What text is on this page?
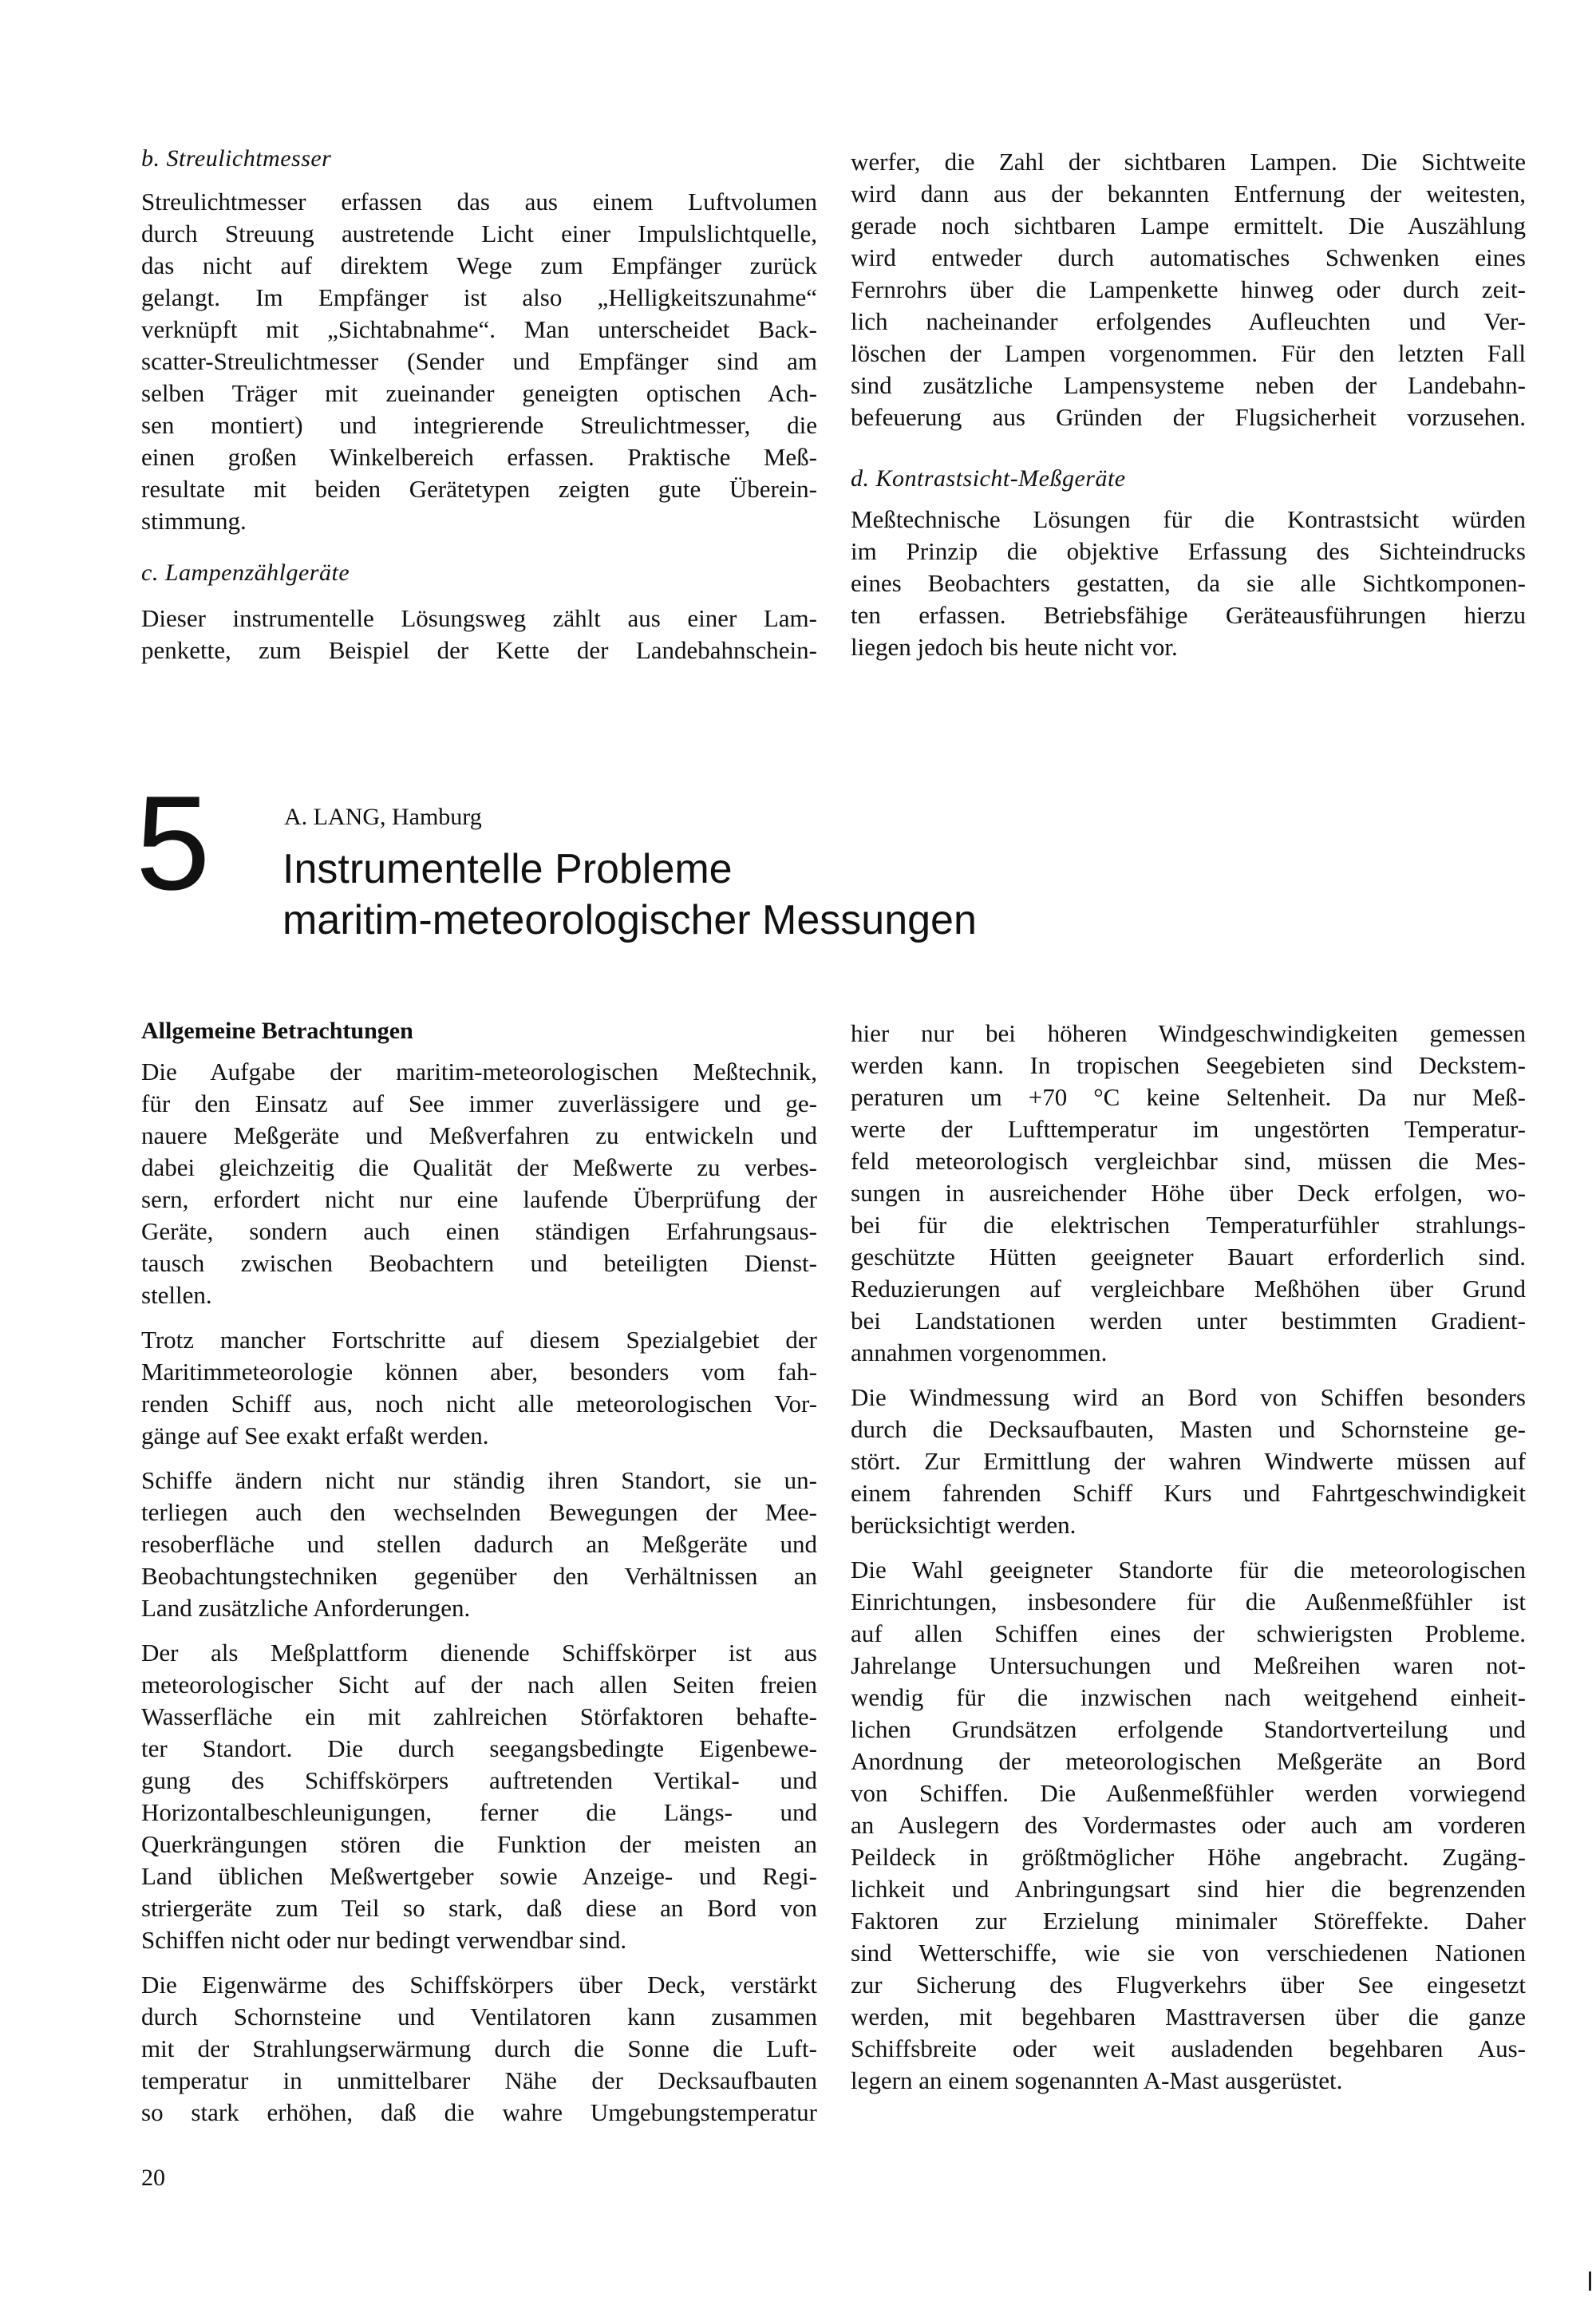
b. Streulichtmesser
Streulichtmesser erfassen das aus einem Luftvolumen
durch Streuung austretende Licht einer Impulslichtquelle,
das nicht auf direktem Wege zum Empfänger zurück
gelangt. Im Empfänger ist also „Helligkeitszunahme“
verknüpft mit „Sichtabnahme“. Man unterscheidet Back-
scatter-Streulichtmesser (Sender und Empfänger sind am
selben Träger mit zueinander geneigten optischen Ach-
sen montiert) und integrierende Streulichtmesser, die
einen großen Winkelbereich erfassen. Praktische Meß-
resultate mit beiden Gerätetypen zeigten gute Überein-
stimmung.
c. Lampenzählgeräte
Dieser instrumentelle Lösungsweg zählt aus einer Lam-
penkette, zum Beispiel der Kette der Landebahnschein-
werfer, die Zahl der sichtbaren Lampen. Die Sichtweite
wird dann aus der bekannten Entfernung der weitesten,
gerade noch sichtbaren Lampe ermittelt. Die Auszählung
wird entweder durch automatisches Schwenken eines
Fernrohrs über die Lampenkette hinweg oder durch zeit-
lich nacheinander erfolgendes Aufleuchten und Ver-
löschen der Lampen vorgenommen. Für den letzten Fall
sind zusätzliche Lampensysteme neben der Landebahn-
befeuerung aus Gründen der Flugsicherheit vorzusehen.
d. Kontrastsicht-Meßgeräte
Meßtechnische Lösungen für die Kontrastsicht würden
im Prinzip die objektive Erfassung des Sichteindrucks
eines Beobachters gestatten, da sie alle Sichtkomponen-
ten erfassen. Betriebsfähige Geräteausführungen hierzu
liegen jedoch bis heute nicht vor.
5	A. LANG, Hamburg
Instrumentelle Probleme
maritim-meteorologischer Messungen
Allgemeine Betrachtungen
Die Aufgabe der maritim-meteorologischen Meßtechnik,
für den Einsatz auf See immer zuverlässigere und ge-
nauere Meßgeräte und Meßverfahren zu entwickeln und
dabei gleichzeitig die Qualität der Meßwerte zu verbes-
sern, erfordert nicht nur eine laufende Überprüfung der
Geräte, sondern auch einen ständigen Erfahrungsaus-
tausch zwischen Beobachtern und beteiligten Dienst-
stellen.
Trotz mancher Fortschritte auf diesem Spezialgebiet der
Maritimmeteorologie können aber, besonders vom fah-
renden Schiff aus, noch nicht alle meteorologischen Vor-
gänge auf See exakt erfaßt werden.
Schiffe ändern nicht nur ständig ihren Standort, sie un-
terliegen auch den wechselnden Bewegungen der Mee-
resoberfläche und stellen dadurch an Meßgeräte und
Beobachtungstechniken gegenüber den Verhältnissen an
Land zusätzliche Anforderungen.
Der als Meßplattform dienende Schiffskörper ist aus
meteorologischer Sicht auf der nach allen Seiten freien
Wasserfläche ein mit zahlreichen Störfaktoren behafte-
ter Standort. Die durch seegangsbedingte Eigenbewe-
gung des Schiffskörpers auftretenden Vertikal- und
Horizontalbeschleunigungen, ferner die Längs- und
Querkrängungen stören die Funktion der meisten an
Land üblichen Meßwertgeber sowie Anzeige- und Regi-
striergeräte zum Teil so stark, daß diese an Bord von
Schiffen nicht oder nur bedingt verwendbar sind.
Die Eigenwärme des Schiffskörpers über Deck, verstärkt
durch Schornsteine und Ventilatoren kann zusammen
mit der Strahlungserwärmung durch die Sonne die Luft-
temperatur in unmittelbarer Nähe der Decksaufbauten
so stark erhöhen, daß die wahre Umgebungstemperatur
hier nur bei höheren Windgeschwindigkeiten gemessen
werden kann. In tropischen Seegebieten sind Deckstem-
peraturen um +70 °C keine Seltenheit. Da nur Meß-
werte der Lufttemperatur im ungestörten Temperatur-
feld meteorologisch vergleichbar sind, müssen die Mes-
sungen in ausreichender Höhe über Deck erfolgen, wo-
bei für die elektrischen Temperaturfühler strahlungs-
geschützte Hütten geeigneter Bauart erforderlich sind.
Reduzierungen auf vergleichbare Meßhöhen über Grund
bei Landstationen werden unter bestimmten Gradient-
annahmen vorgenommen.
Die Windmessung wird an Bord von Schiffen besonders
durch die Decksaufbauten, Masten und Schornsteine ge-
stört. Zur Ermittlung der wahren Windwerte müssen auf
einem fahrenden Schiff Kurs und Fahrtgeschwindigkeit
berücksichtigt werden.
Die Wahl geeigneter Standorte für die meteorologischen
Einrichtungen, insbesondere für die Außenmeßfühler ist
auf allen Schiffen eines der schwierigsten Probleme.
Jahrelange Untersuchungen und Meßreihen waren not-
wendig für die inzwischen nach weitgehend einheit-
lichen Grundsätzen erfolgende Standortverteilung und
Anordnung der meteorologischen Meßgeräte an Bord
von Schiffen. Die Außenmeßfühler werden vorwiegend
an Auslegern des Vordermastes oder auch am vorderen
Peildeck in größtmöglicher Höhe angebracht. Zugäng-
lichkeit und Anbringungsart sind hier die begrenzenden
Faktoren zur Erzielung minimaler Störeffekte. Daher
sind Wetterschiffe, wie sie von verschiedenen Nationen
zur Sicherung des Flugverkehrs über See eingesetzt
werden, mit begehbaren Masttraversen über die ganze
Schiffsbreite oder weit ausladenden begehbaren Aus-
legern an einem sogenannten A-Mast ausgerüstet.
20
